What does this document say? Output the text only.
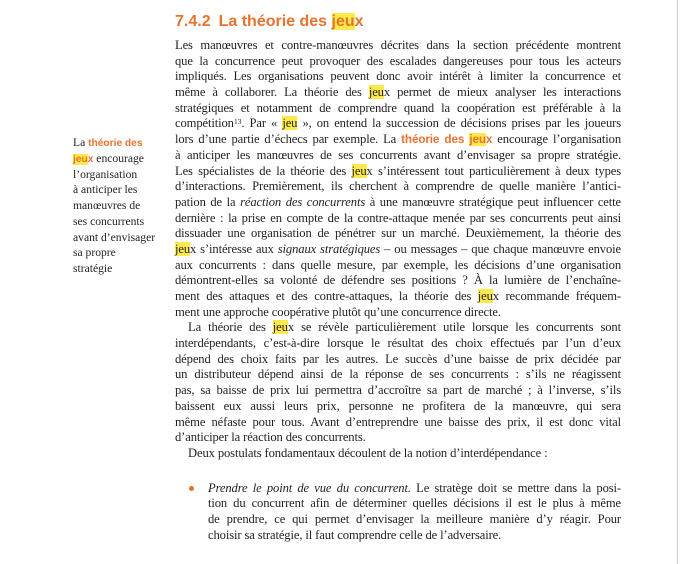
7.4.2 La théorie des jeux
La théorie des
jeux encourage
l’organisation
à anticiper les
manœuvres de
ses concurrents
avant d’envisager
sa propre
stratégie
Les manœuvres et contre-manœuvres décrites dans la section précédente montrent
que la concurrence peut provoquer des escalades dangereuses pour tous les acteurs
impliqués. Les organisations peuvent donc avoir intérêt à limiter la concurrence et
même à collaborer. La théorie des jeux permet de mieux analyser les interactions
stratégiques et notamment de comprendre quand la coopération est préférable à la
compétition$^{13}$. Par « jeu », on entend la succession de décisions prises par les joueurs
lors d’une partie d’échecs par exemple. La théorie des jeux encourage l’organisation
à anticiper les manœuvres de ses concurrents avant d’envisager sa propre stratégie.
Les spécialistes de la théorie des jeux s’intéressent tout particulièrement à deux types
d’interactions. Premièrement, ils cherchent à comprendre de quelle manière l’antici-
pation de la réaction des concurrents à une manœuvre stratégique peut influencer cette
dernière : la prise en compte de la contre-attaque menée par ses concurrents peut ainsi
dissuader une organisation de pénétrer sur un marché. Deuxièmement, la théorie des
jeux s’intéresse aux signaux stratégiques – ou messages – que chaque manœuvre envoie
aux concurrents : dans quelle mesure, par exemple, les décisions d’une organisation
démontrent-elles sa volonté de défendre ses positions ? À la lumière de l’enchaîne-
ment des attaques et des contre-attaques, la théorie des jeux recommande fréquem-
ment une approche coopérative plutôt qu’une concurrence directe.
La théorie des jeux se révèle particulièrement utile lorsque les concurrents sont
interdépendants, c’est-à-dire lorsque le résultat des choix effectués par l’un d’eux
dépend des choix faits par les autres. Le succès d’une baisse de prix décidée par
un distributeur dépend ainsi de la réponse de ses concurrents : s’ils ne réagissent
pas, sa baisse de prix lui permettra d’accroître sa part de marché ; à l’inverse, s’ils
baissent eux aussi leurs prix, personne ne profitera de la manœuvre, qui sera
même néfaste pour tous. Avant d’entreprendre une baisse des prix, il est donc vital
d’anticiper la réaction des concurrents.
Deux postulats fondamentaux découlent de la notion d’interdépendance :
Prendre le point de vue du concurrent. Le stratège doit se mettre dans la posi-
tion du concurrent afin de déterminer quelles décisions il est le plus à même
de prendre, ce qui permet d’envisager la meilleure manière d’y réagir. Pour
choisir sa stratégie, il faut comprendre celle de l’adversaire.
